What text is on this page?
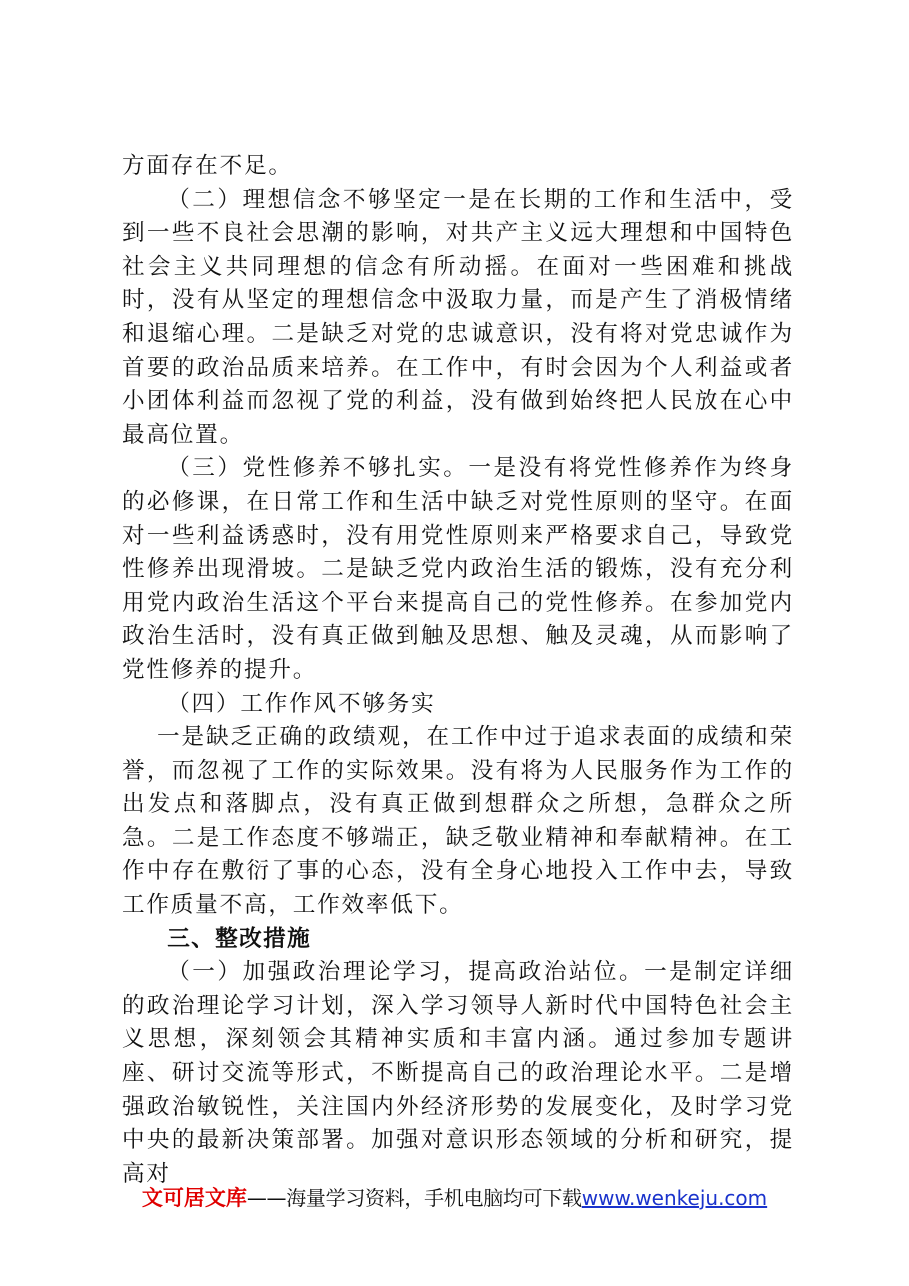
方面存在不足。

（二）理想信念不够坚定一是在长期的工作和生活中，受到一些不良社会思潮的影响，对共产主义远大理想和中国特色社会主义共同理想的信念有所动摇。在面对一些困难和挑战时，没有从坚定的理想信念中汲取力量，而是产生了消极情绪和退缩心理。二是缺乏对党的忠诚意识，没有将对党忠诚作为首要的政治品质来培养。在工作中，有时会因为个人利益或者小团体利益而忽视了党的利益，没有做到始终把人民放在心中最高位置。

（三）党性修养不够扎实。一是没有将党性修养作为终身的必修课，在日常工作和生活中缺乏对党性原则的坚守。在面对一些利益诱惑时，没有用党性原则来严格要求自己，导致党性修养出现滑坡。二是缺乏党内政治生活的锻炼，没有充分利用党内政治生活这个平台来提高自己的党性修养。在参加党内政治生活时，没有真正做到触及思想、触及灵魂，从而影响了党性修养的提升。

（四）工作作风不够务实

一是缺乏正确的政绩观，在工作中过于追求表面的成绩和荣誉，而忽视了工作的实际效果。没有将为人民服务作为工作的出发点和落脚点，没有真正做到想群众之所想，急群众之所急。二是工作态度不够端正，缺乏敬业精神和奉献精神。在工作中存在敷衍了事的心态，没有全身心地投入工作中去，导致工作质量不高，工作效率低下。

三、整改措施

（一）加强政治理论学习，提高政治站位。一是制定详细的政治理论学习计划，深入学习领导人新时代中国特色社会主义思想，深刻领会其精神实质和丰富内涵。通过参加专题讲座、研讨交流等形式，不断提高自己的政治理论水平。二是增强政治敏锐性，关注国内外经济形势的发展变化，及时学习党中央的最新决策部署。加强对意识形态领域的分析和研究，提高对

文可居文库——海量学习资料，手机电脑均可下载www.wenkeju.com
